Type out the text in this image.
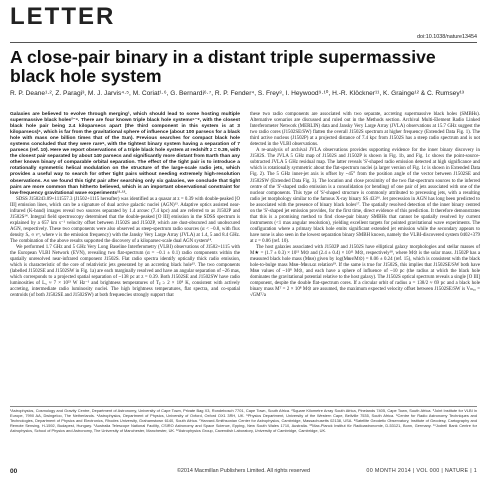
LETTER
doi:10.1038/nature13454
A close-pair binary in a distant triple supermassive black hole system
R. P. Deane¹·², Z. Paragi³, M. J. Jarvis⁴·⁵, M. Coriat¹·⁶, G. Bernardi⁶·⁷, R. P. Fender⁴, S. Frey⁸, I. Heywood⁹·¹⁰, H.-R. Klöckner¹¹, K. Grainge¹² & C. Rumsey¹³

Galaxies are believed to evolve through merging¹, which should lead to some hosting multiple supermassive black holes²⁻⁴. There are four known triple black hole systems⁵⁻⁸, with the closest black hole pair being 2.4 kiloparsecs apart (the third component in this system is at 3 kiloparsecs)⁵, which is far from the gravitational sphere of influence (about 100 parsecs for a black hole with mass one billion times that of the Sun). Previous searches for compact black hole systems concluded that they were rare⁹, with the tightest binary system having a separation of 7 parsecs (ref. 10). Here we report observations of a triple black hole system at redshift z = 0.39, with the closest pair separated by about 140 parsecs and significantly more distant from Earth than any other known binary of comparable orbital separation. The effect of the tight pair is to introduce a rotationally symmetric helical modulation on the structure of the large-scale radio jets, which provides a useful way to search for other tight pairs without needing extremely high-resolution observations. As we found this tight pair after searching only six galaxies, we conclude that tight pairs are more common than hitherto believed, which is an important observational constraint for low-frequency gravitational wave experiments¹¹·¹².

SDSS J150243.09+111557.3 (J1502+1115 hereafter) was identified as a quasar at z = 0.39 with double-peaked [O III] emission lines, which can be a signature of dual active galactic nuclei (AGN)¹³. Adaptive optics assisted near-infrared (K-band) images reveal two sources separated by 1.4 arcsec (7.4 kpc) and are referred to as J1502P and J1502S¹⁴. Integral field spectroscopy determined that the double-peaked [O III] emission in the SDSS spectrum is explained by a 657 km s⁻¹ velocity offset between J1502S and J1502P, which are dust-obscured and unobscured AGN, respectively. These two components were also observed as steep-spectrum radio sources (α < −0.8, with flux density Sᵥ ∝ νᵅ, where ν is the emission frequency) with the Jansky Very Large Array (JVLA) at 1.4, 5 and 8.4 GHz. The combination of the above results supported the discovery of a kiloparsec-scale dual AGN system¹⁴.

We performed 1.7 GHz and 5 GHz Very Long Baseline Interferometry (VLBI) observations of J1502+1115 with the European VLBI Network (EVN), revealing two flat-spectrum (α = −0.1 ± 0.1) radio components within the spatially unresolved near-infrared component J1502S. Flat radio spectra identify optically thick radio emission, which is characteristic of the core of relativistic jets generated by an accreting black hole¹⁵. The two components (labelled J1502SE and J1502SW in Fig. 1a) are each marginally resolved and have an angular separation of ~26 mas, which corresponds to a projected spatial separation of ~138 pc at z = 0.39. Both J1502SE and J1502SW have radio luminosities of L₅ ≈ 7 × 10²³ W Hz⁻¹ and brightness temperatures of Tᵦ ≥ 2 × 10⁸ K, consistent with actively accreting, intermediate radio luminosity nuclei. The high brightness temperatures, flat spectra, and co-spatial centroids (of both J1502SE and J1502SW) at both frequencies strongly support that

these two radio components are associated with two separate, accreting supermassive black holes (SMBHs). Alternative scenarios are discussed and ruled out in the Methods section. Archival Multi-Element Radio Linked Interferometer Network (MERLIN) data and Jansky Very Large Array (JVLA) observations at 15.7 GHz suggest the two radio cores (J1502SE/SW) flatten the overall J1502S spectrum at higher frequency (Extended Data Fig. 1). The third active nucleus (J1502P) at a projected distance of 7.4 kpc from J1502S has a steep radio spectrum and is not detected in the VLBI observations.

A re-analysis of archival JVLA observations provides supporting evidence for the inner binary discovery in J1502S. The JVLA 5 GHz map of J1502S and J1502P is shown in Fig. 1b, and Fig. 1c shows the point-source-subtracted JVLA 5 GHz residual map. The latter reveals 'S'-shaped radio emission detected at high significance and which is rotationally symmetric about the flat-spectrum nuclei (a larger version of Fig. 1c is shown in Extended Data Fig. 2). The 5 GHz inner-jet axis is offset by ~45° from the position angle of the vector between J1502SE and J1502SW (Extended Data Fig. 3). The location and close proximity of the two flat-spectrum sources to the inferred centre of the 'S'-shaped radio emission is a consolidation (or bending) of one pair of jets associated with one of the nuclear components. This type of 'S'-shaped structure is commonly attributed to precessing jets, with a resulting radio jet morphology similar to the famous X-ray binary SS 433¹⁶. Jet precession in AGN has long been predicted to be associated with the presence of binary black holes¹⁷. The spatially resolved detection of the inner binary centred on the 'S'-shaped jet emission provides, for the first time, direct evidence of this prediction. It therefore demonstrates that this is a promising method to find close-pair binary SMBHs that cannot be spatially resolved by current instruments (<1 mas angular resolution), yielding excellent targets for pointed gravitational wave experiments. The configuration where a primary black hole emits significant extended jet emission while the secondary appears to have none is also seen in the lowest separation binary SMBH known, namely the VLBI-discovered system 0402+379 at z = 0.06 (ref. 10).

The host galaxies associated with J1502P and J1502S have elliptical galaxy morphologies and stellar masses of M★ = (1.7 ± 0.3) × 10¹¹ M⊙ and (2.4 ± 0.4) × 10¹¹ M⊙, respectively¹⁸, where M⊙ is the solar mass. J1502P has a measured black hole mass (Mʙʜ) given by log(Mʙʜ/M⊙) = 8.06 ± 0.24 (ref. 15), which is consistent with the black hole-to-bulge mass Mʙʜ–Mʙᴜʟɢᴇ relation¹⁹. If the same is true for J1502S, this implies that J1502SE/SW both have Mʙʜ values of ~10⁸ M⊙, and each have a sphere of influence of ~10 pc (the radius at which the black hole dominates the gravitational potential relative to the host galaxy). The J1502S optical spectrum reveals a single [O III] component, despite the double flat-spectrum cores. If a circular orbit of radius a = 138/2 ≈ 69 pc and a black hole binary mass Mᵀ = 2 × 10⁸ M⊙ are assumed, the maximum expected velocity offset between J1502SE/SW is Vₘₐₓ = √GMᵀ/a

¹Astrophysics, Cosmology and Gravity Centre, Department of Astronomy, University of Cape Town, Private Bag X3, Rondebosch 7701, Cape Town, South Africa. ²Square Kilometre Array South Africa, Pinelands 7405, Cape Town, South Africa. ³Joint Institute for VLBI in Europe, 7990 AA, Dwingeloo, The Netherlands. ⁴Astrophysics, Department of Physics, University of Oxford, Oxford OX1 3RH, UK. ⁵Physics Department, University of the Western Cape, Bellville 7535, South Africa. ⁶Centre for Radio Astronomy Techniques and Technologies, Department of Physics and Electronics, Rhodes University, Grahamstown 6140, South Africa. ⁷Harvard-Smithsonian Center for Astrophysics, Cambridge, Massachusetts 02138, USA. ⁸Satellite Geodetic Observatory, Institute of Geodesy, Cartography and Remote Sensing, H-1592, Budapest, Hungary. ⁹Australia Telescope National Facility, CSIRO Astronomy and Space Science, Epping, New South Wales 1710, Australia. ¹⁰Max-Planck Institut für Radioastronomie, D-53121, Bonn, Germany. ¹¹Jodrell Bank Centre for Astrophysics, School of Physics and Astronomy, The University of Manchester, Manchester, UK. ¹²Astrophysics Group, Cavendish Laboratory, University of Cambridge, Cambridge, UK.
00	©2014 Macmillan Publishers Limited. All rights reserved	00 MONTH 2014 | VOL 000 | NATURE | 1
